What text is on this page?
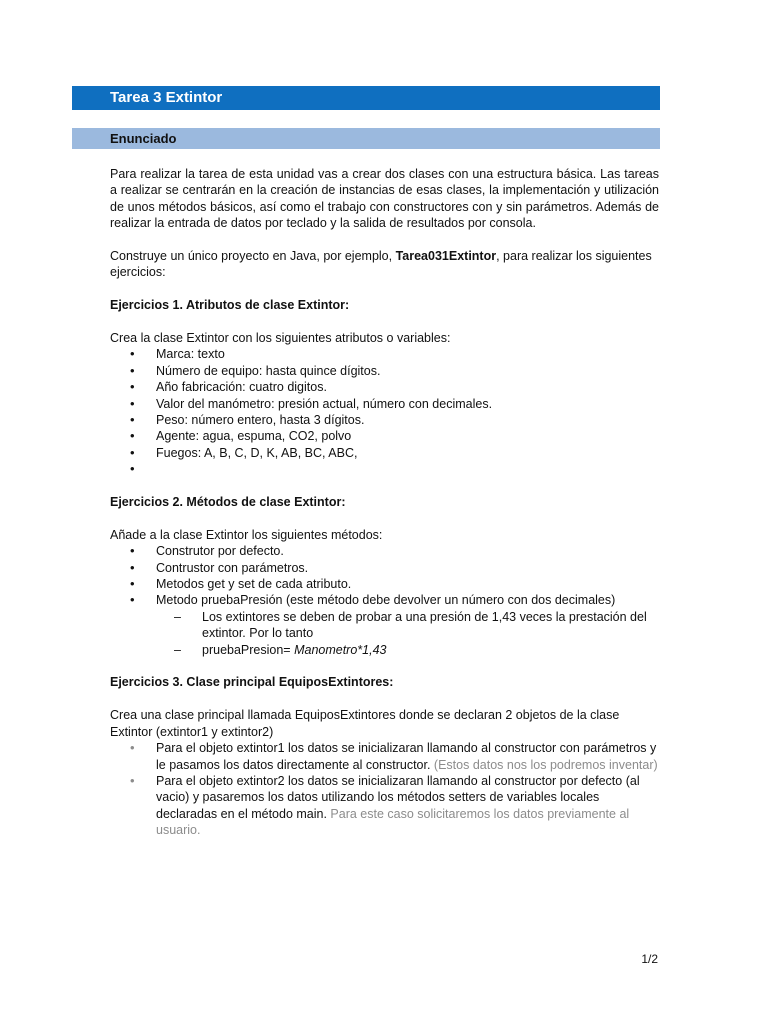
Tarea 3 Extintor
Enunciado

Para realizar la tarea de esta unidad vas a crear dos clases con una estructura básica. Las tareas a realizar se centrarán en la creación de instancias de esas clases, la implementación y utilización de unos métodos básicos, así como el trabajo con constructores con y sin parámetros. Además de realizar la entrada de datos por teclado y la salida de resultados por consola.

Construye un único proyecto en Java, por ejemplo, Tarea031Extintor, para realizar los siguientes ejercicios:

Ejercicios 1. Atributos de clase Extintor:

Crea la clase Extintor con los siguientes atributos o variables:

• Marca: texto
• Número de equipo: hasta quince dígitos.
• Año fabricación: cuatro digitos.
• Valor del manómetro: presión actual, número con decimales.
• Peso: número entero, hasta 3 dígitos.
• Agente: agua, espuma, CO2, polvo
• Fuegos: A, B, C, D, K, AB, BC, ABC,
•

Ejercicios 2. Métodos de clase Extintor:

Añade a la clase Extintor los siguientes métodos:

• Construtor por defecto.
• Contrustor con parámetros.
• Metodos get y set de cada atributo.
• Metodo pruebaPresión (este método debe devolver un número con dos decimales)
– Los extintores se deben de probar a una presión de 1,43 veces la prestación del extintor. Por lo tanto
– pruebaPresion= Manometro*1,43

Ejercicios 3. Clase principal EquiposExtintores:

Crea una clase principal llamada EquiposExtintores donde se declaran 2 objetos de la clase Extintor (extintor1 y extintor2)

• Para el objeto extintor1 los datos se inicializaran llamando al constructor con parámetros y le pasamos los datos directamente al constructor. (Estos datos nos los podremos inventar)
• Para el objeto extintor2 los datos se inicializaran llamando al constructor por defecto (al vacio) y pasaremos los datos utilizando los métodos setters de variables locales declaradas en el método main. Para este caso solicitaremos los datos previamente al usuario.
1/2
